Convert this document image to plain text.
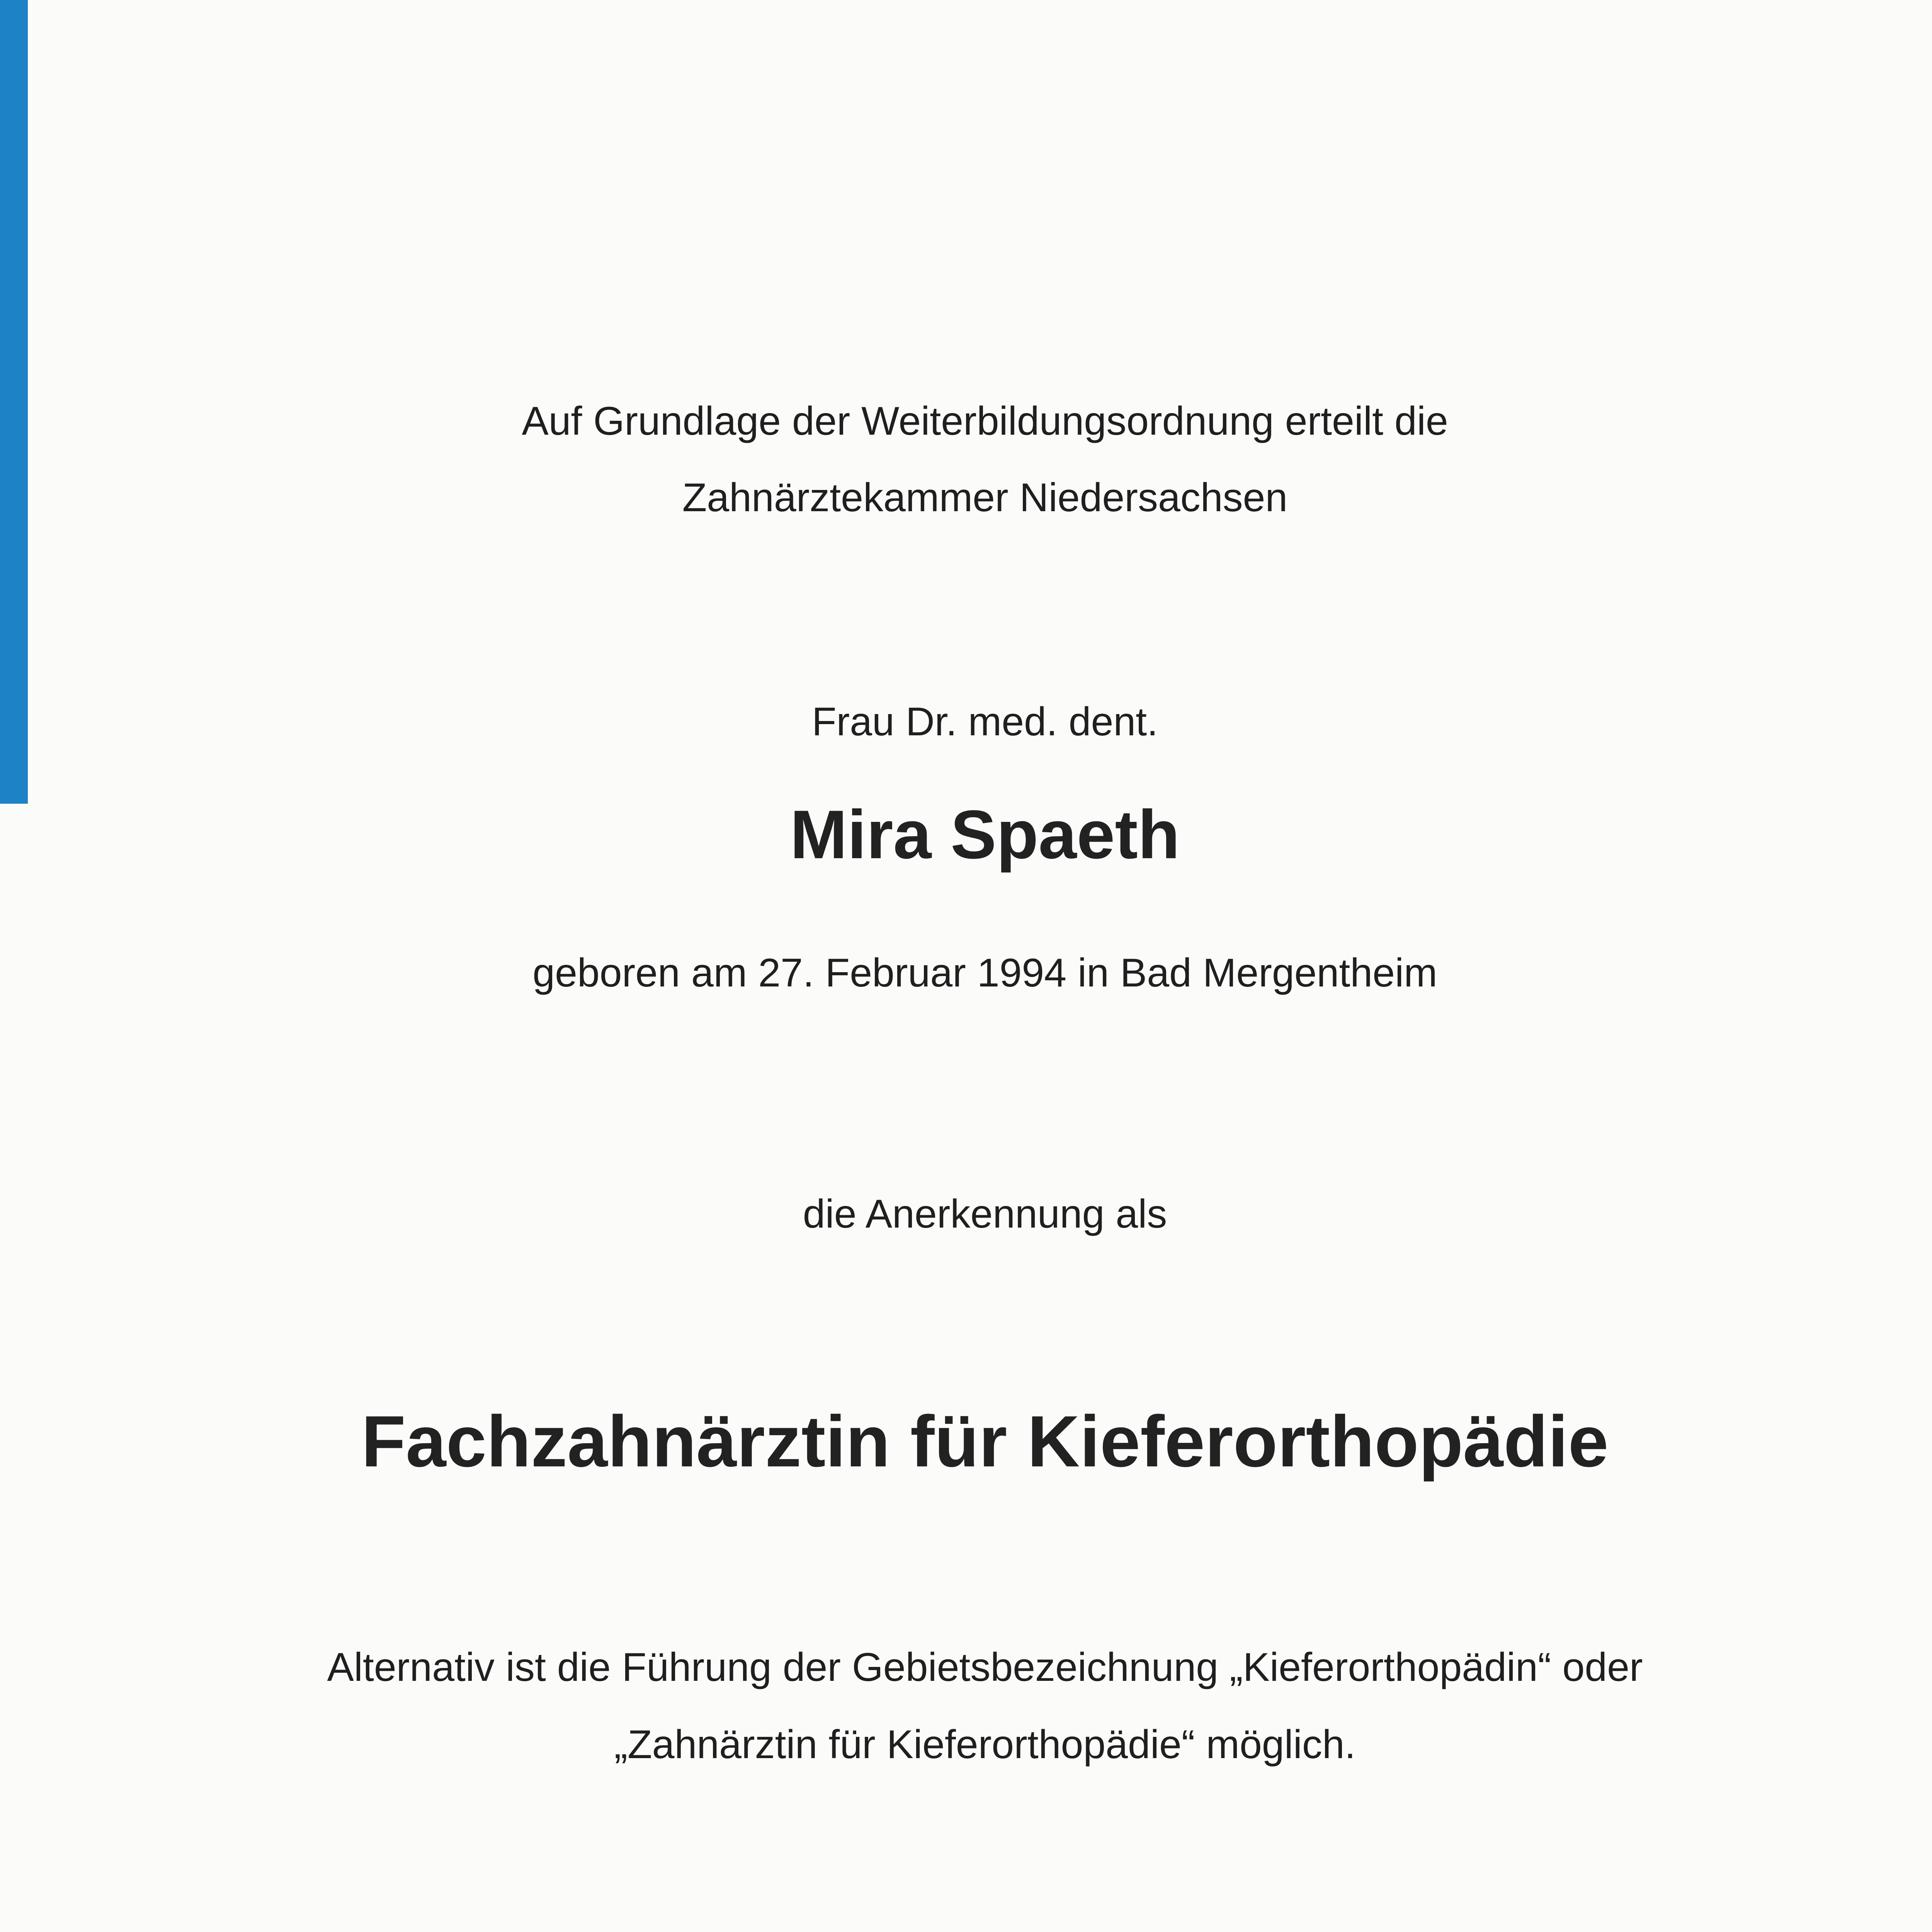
Auf Grundlage der Weiterbildungsordnung erteilt die
Zahnärztekammer Niedersachsen
Frau Dr. med. dent.
Mira Spaeth
geboren am 27. Februar 1994 in Bad Mergentheim
die Anerkennung als
Fachzahnärztin für Kieferorthopädie
Alternativ ist die Führung der Gebietsbezeichnung „Kieferorthopädin“ oder
„Zahnärztin für Kieferorthopädie“ möglich.
